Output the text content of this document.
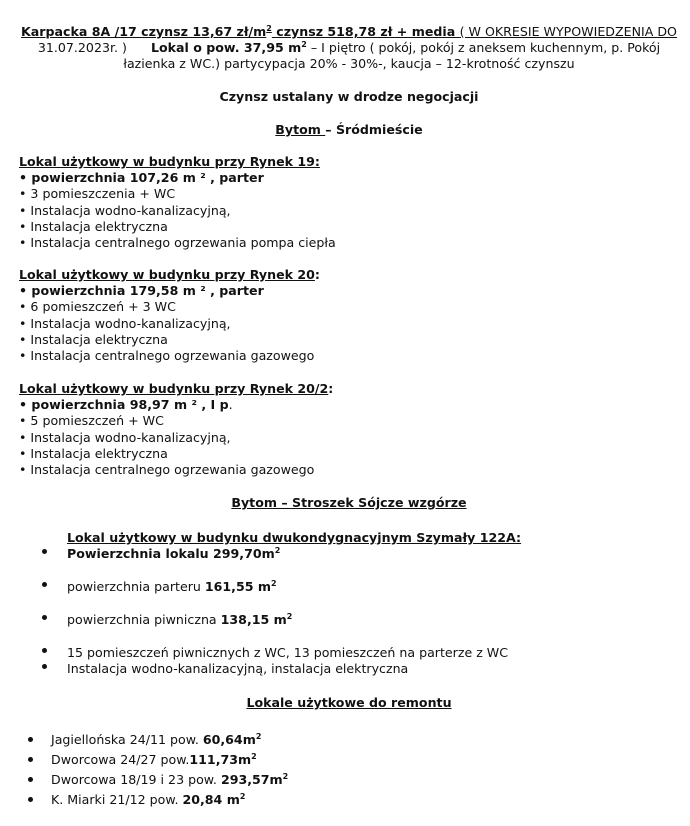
Karpacka 8A /17 czynsz 13,67 $zł/m^2$ czynsz 518,78 zł + media ( W OKRESIE WYPOWIEDZENIA DO
31.07.2023r. ) Lokal o pow. 37,95 $m^2$ – I piętro ( pokój, pokój z aneksem kuchennym, p. Pokój
łazienka z WC.) partycypacja 20% - 30%-, kaucja – 12-krotność czynszu
Czynsz ustalany w drodze negocjacji
Bytom – Śródmieście
Lokal użytkowy w budynku przy Rynek 19:
• powierzchnia 107,26 m ² , parter
• 3 pomieszczenia + WC
• Instalacja wodno-kanalizacyjną,
• Instalacja elektryczna
• Instalacja centralnego ogrzewania pompa ciepła
Lokal użytkowy w budynku przy Rynek 20:
• powierzchnia 179,58 m ² , parter
• 6 pomieszczeń + 3 WC
• Instalacja wodno-kanalizacyjną,
• Instalacja elektryczna
• Instalacja centralnego ogrzewania gazowego
Lokal użytkowy w budynku przy Rynek 20/2:
• powierzchnia 98,97 m ² , I p.
• 5 pomieszczeń + WC
• Instalacja wodno-kanalizacyjną,
• Instalacja elektryczna
• Instalacja centralnego ogrzewania gazowego
Bytom – Stroszek Sójcze wzgórze
Lokal użytkowy w budynku dwukondygnacyjnym Szymały 122A:
Powierzchnia lokalu $299,70m^2$
powierzchnia parteru 161,55 $m^2$
powierzchnia piwniczna 138,15 $m^2$
15 pomieszczeń piwnicznych z WC, 13 pomieszczeń na parterze z WC
Instalacja wodno-kanalizacyjną, instalacja elektryczna
Lokale użytkowe do remontu
Jagiellońska 24/11 pow. $60,64m^2$
Dworcowa 24/27 $pow.111,73m^2$
Dworcowa 18/19 i 23 pow. $293,57m^2$
K. Miarki 21/12 pow. 20,84 $m^2$
